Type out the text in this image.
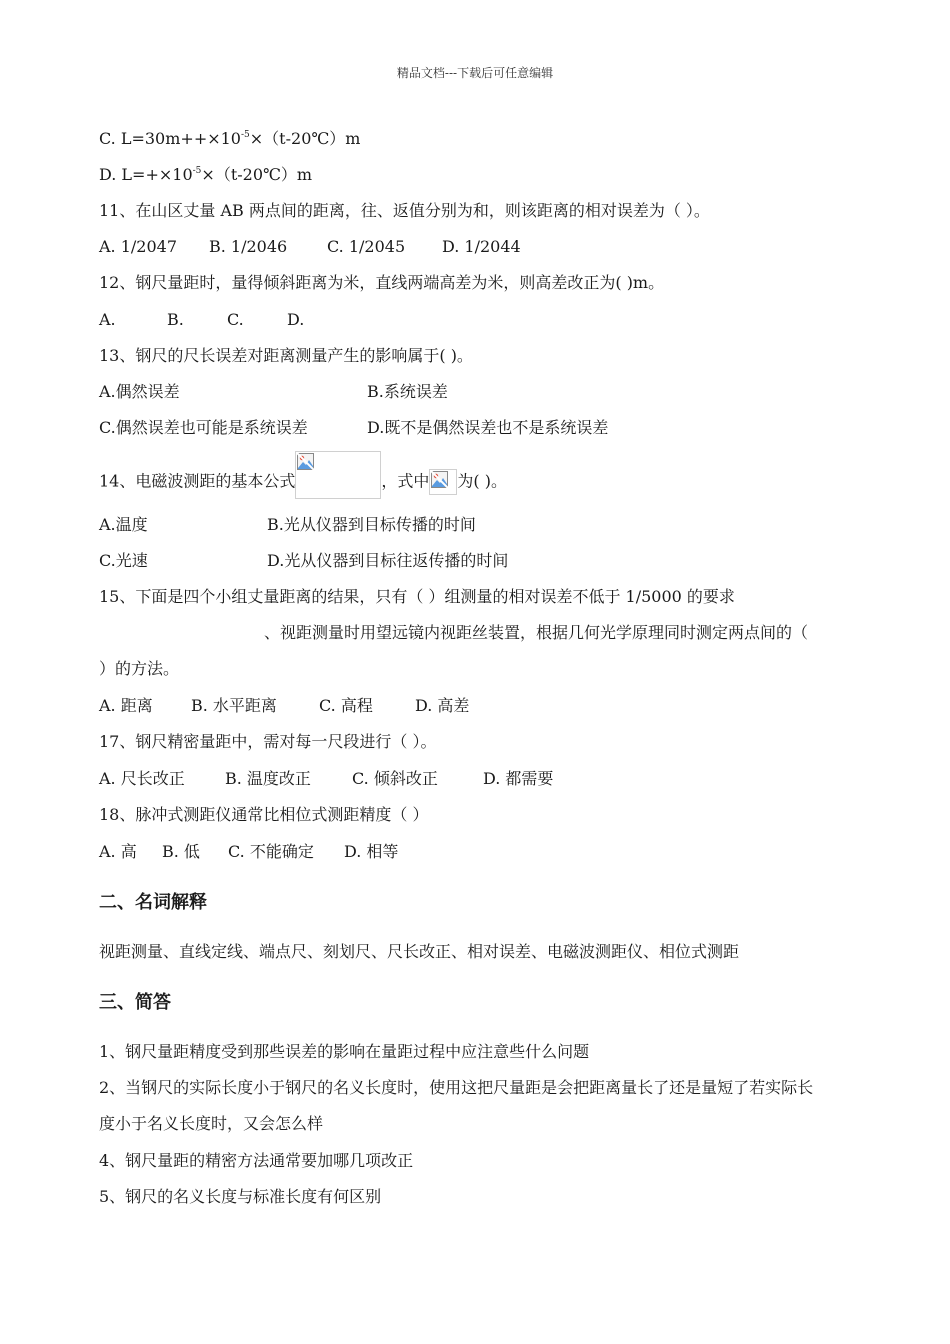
精品文档---下载后可任意编辑
C. $L=30m++\times 10^{-5}\times(t-20℃)m$
D. $L=+\times 10^{-5}\times(t-20℃)m$
11、在山区丈量 AB 两点间的距离，往、返值分别为和，则该距离的相对误差为（ ）。
A. 1/2047 B. 1/2046 C. 1/2045 D. 1/2044
12、钢尺量距时，量得倾斜距离为米，直线两端高差为米，则高差改正为( )m。
A.	B.	C.	D.
13、钢尺的尺长误差对距离测量产生的影响属于( )。
A.偶然误差	B.系统误差
C.偶然误差也可能是系统误差	D.既不是偶然误差也不是系统误差
14、电磁波测距的基本公式	，式中 为( )。
A.温度	B.光从仪器到目标传播的时间
C.光速	D.光从仪器到目标往返传播的时间
15、下面是四个小组丈量距离的结果，只有（ ）组测量的相对误差不低于 1/5000 的要求
、视距测量时用望远镜内视距丝装置，根据几何光学原理同时测定两点间的（
）的方法。
A. 距离 B. 水平距离	C. 高程	D. 高差
17、钢尺精密量距中，需对每一尺段进行（ ）。
A. 尺长改正	B. 温度改正	C. 倾斜改正	D. 都需要
18、脉冲式测距仪通常比相位式测距精度（ ）
A. 高 B. 低 C. 不能确定 D. 相等
二、名词解释
视距测量、直线定线、端点尺、刻划尺、尺长改正、相对误差、电磁波测距仪、相位式测距
三、简答
1、钢尺量距精度受到那些误差的影响在量距过程中应注意些什么问题
2、当钢尺的实际长度小于钢尺的名义长度时，使用这把尺量距是会把距离量长了还是量短了若实际长
度小于名义长度时，又会怎么样
4、钢尺量距的精密方法通常要加哪几项改正
5、钢尺的名义长度与标准长度有何区别
